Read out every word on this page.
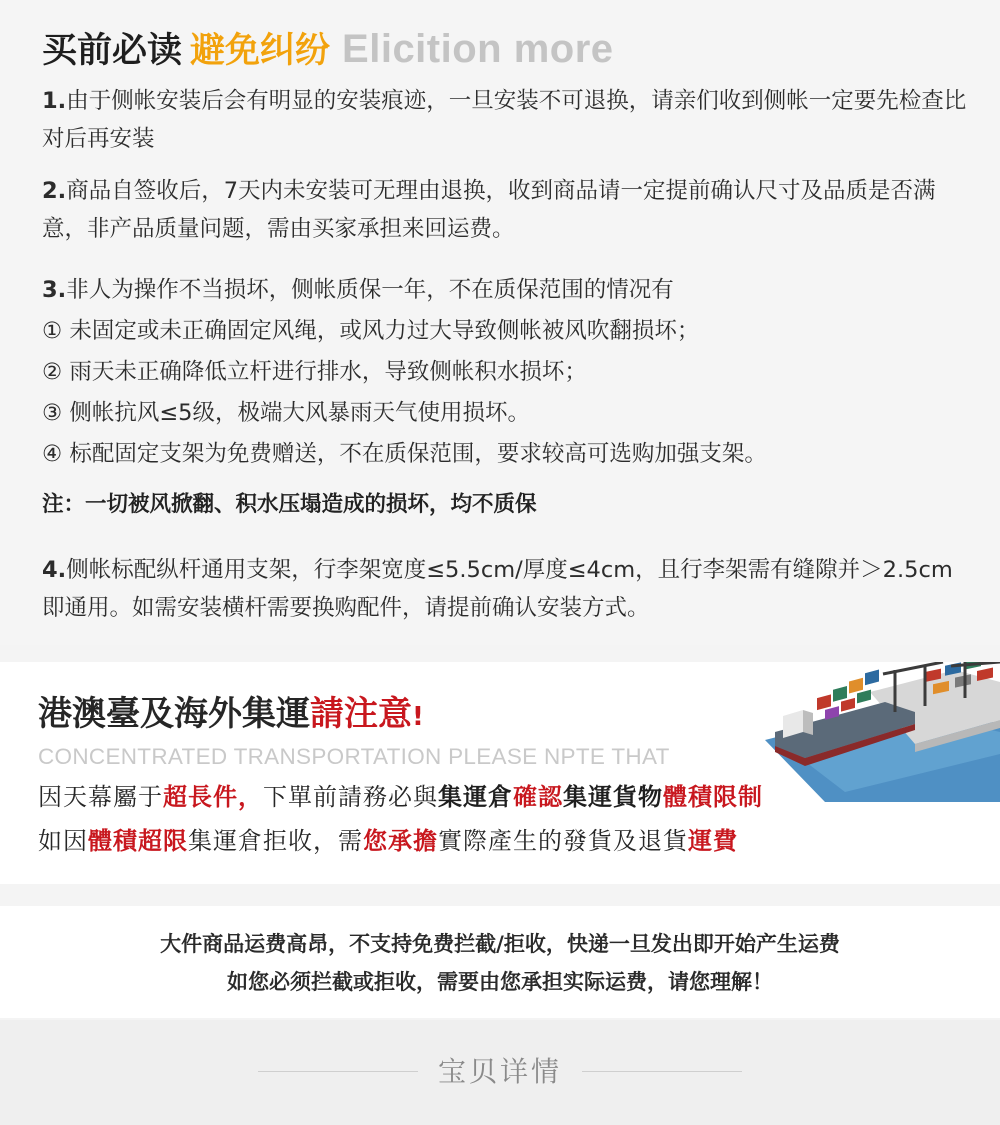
买前必读 避免纠纷 Elicition more

1.由于侧帐安装后会有明显的安装痕迹，一旦安装不可退换，请亲们收到侧帐一定要先检查比对后再安装

2.商品自签收后，7天内未安装可无理由退换，收到商品请一定提前确认尺寸及品质是否满意，非产品质量问题，需由买家承担来回运费。

3.非人为操作不当损坏，侧帐质保一年，不在质保范围的情况有
① 未固定或未正确固定风绳，或风力过大导致侧帐被风吹翻损坏；
② 雨天未正确降低立杆进行排水，导致侧帐积水损坏；
③ 侧帐抗风≤5级，极端大风暴雨天气使用损坏。
④ 标配固定支架为免费赠送，不在质保范围，要求较高可选购加强支架。
注：一切被风掀翻、积水压塌造成的损坏，均不质保

4.侧帐标配纵杆通用支架，行李架宽度≤5.5cm/厚度≤4cm，且行李架需有缝隙并＞2.5cm即通用。如需安装横杆需要换购配件，请提前确认安装方式。

港澳臺及海外集運請注意!
CONCENTRATED TRANSPORTATION PLEASE NPTE THAT
因天幕屬于超長件，下單前請務必與集運倉確認集運貨物體積限制
如因體積超限集運倉拒收，需您承擔實際產生的發貨及退貨運費
大件商品运费高昂，不支持免费拦截/拒收，快递一旦发出即开始产生运费
如您必须拦截或拒收，需要由您承担实际运费，请您理解！
宝贝详情
